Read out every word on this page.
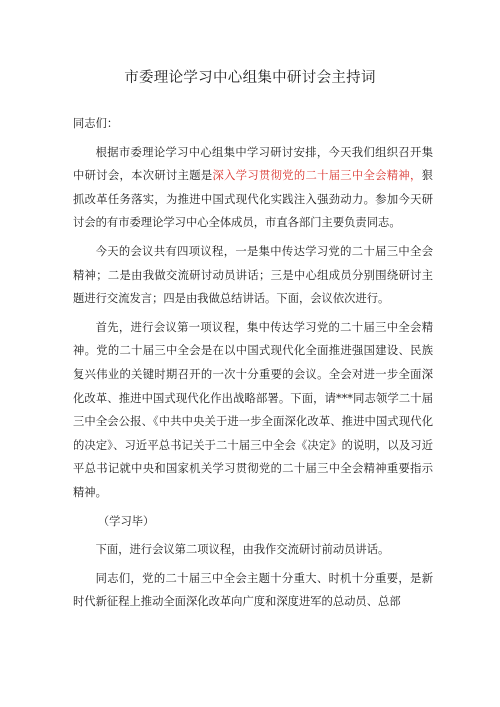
市委理论学习中心组集中研讨会主持词

同志们：

根据市委理论学习中心组集中学习研讨安排，今天我们组织召开集中研讨会，本次研讨主题是深入学习贯彻党的二十届三中全会精神，狠抓改革任务落实，为推进中国式现代化实践注入强劲动力。参加今天研讨会的有市委理论学习中心全体成员，市直各部门主要负责同志。

今天的会议共有四项议程，一是集中传达学习党的二十届三中全会精神；二是由我做交流研讨动员讲话；三是中心组成员分别围绕研讨主题进行交流发言；四是由我做总结讲话。下面，会议依次进行。

首先，进行会议第一项议程，集中传达学习党的二十届三中全会精神。党的二十届三中全会是在以中国式现代化全面推进强国建设、民族复兴伟业的关键时期召开的一次十分重要的会议。全会对进一步全面深化改革、推进中国式现代化作出战略部署。下面，请***同志领学二十届三中全会公报、《中共中央关于进一步全面深化改革、推进中国式现代化的决定》、习近平总书记关于二十届三中全会《决定》的说明，以及习近平总书记就中央和国家机关学习贯彻党的二十届三中全会精神重要指示精神。

（学习毕）

下面，进行会议第二项议程，由我作交流研讨前动员讲话。

同志们，党的二十届三中全会主题十分重大、时机十分重要，是新时代新征程上推动全面深化改革向广度和深度进军的总动员、总部
